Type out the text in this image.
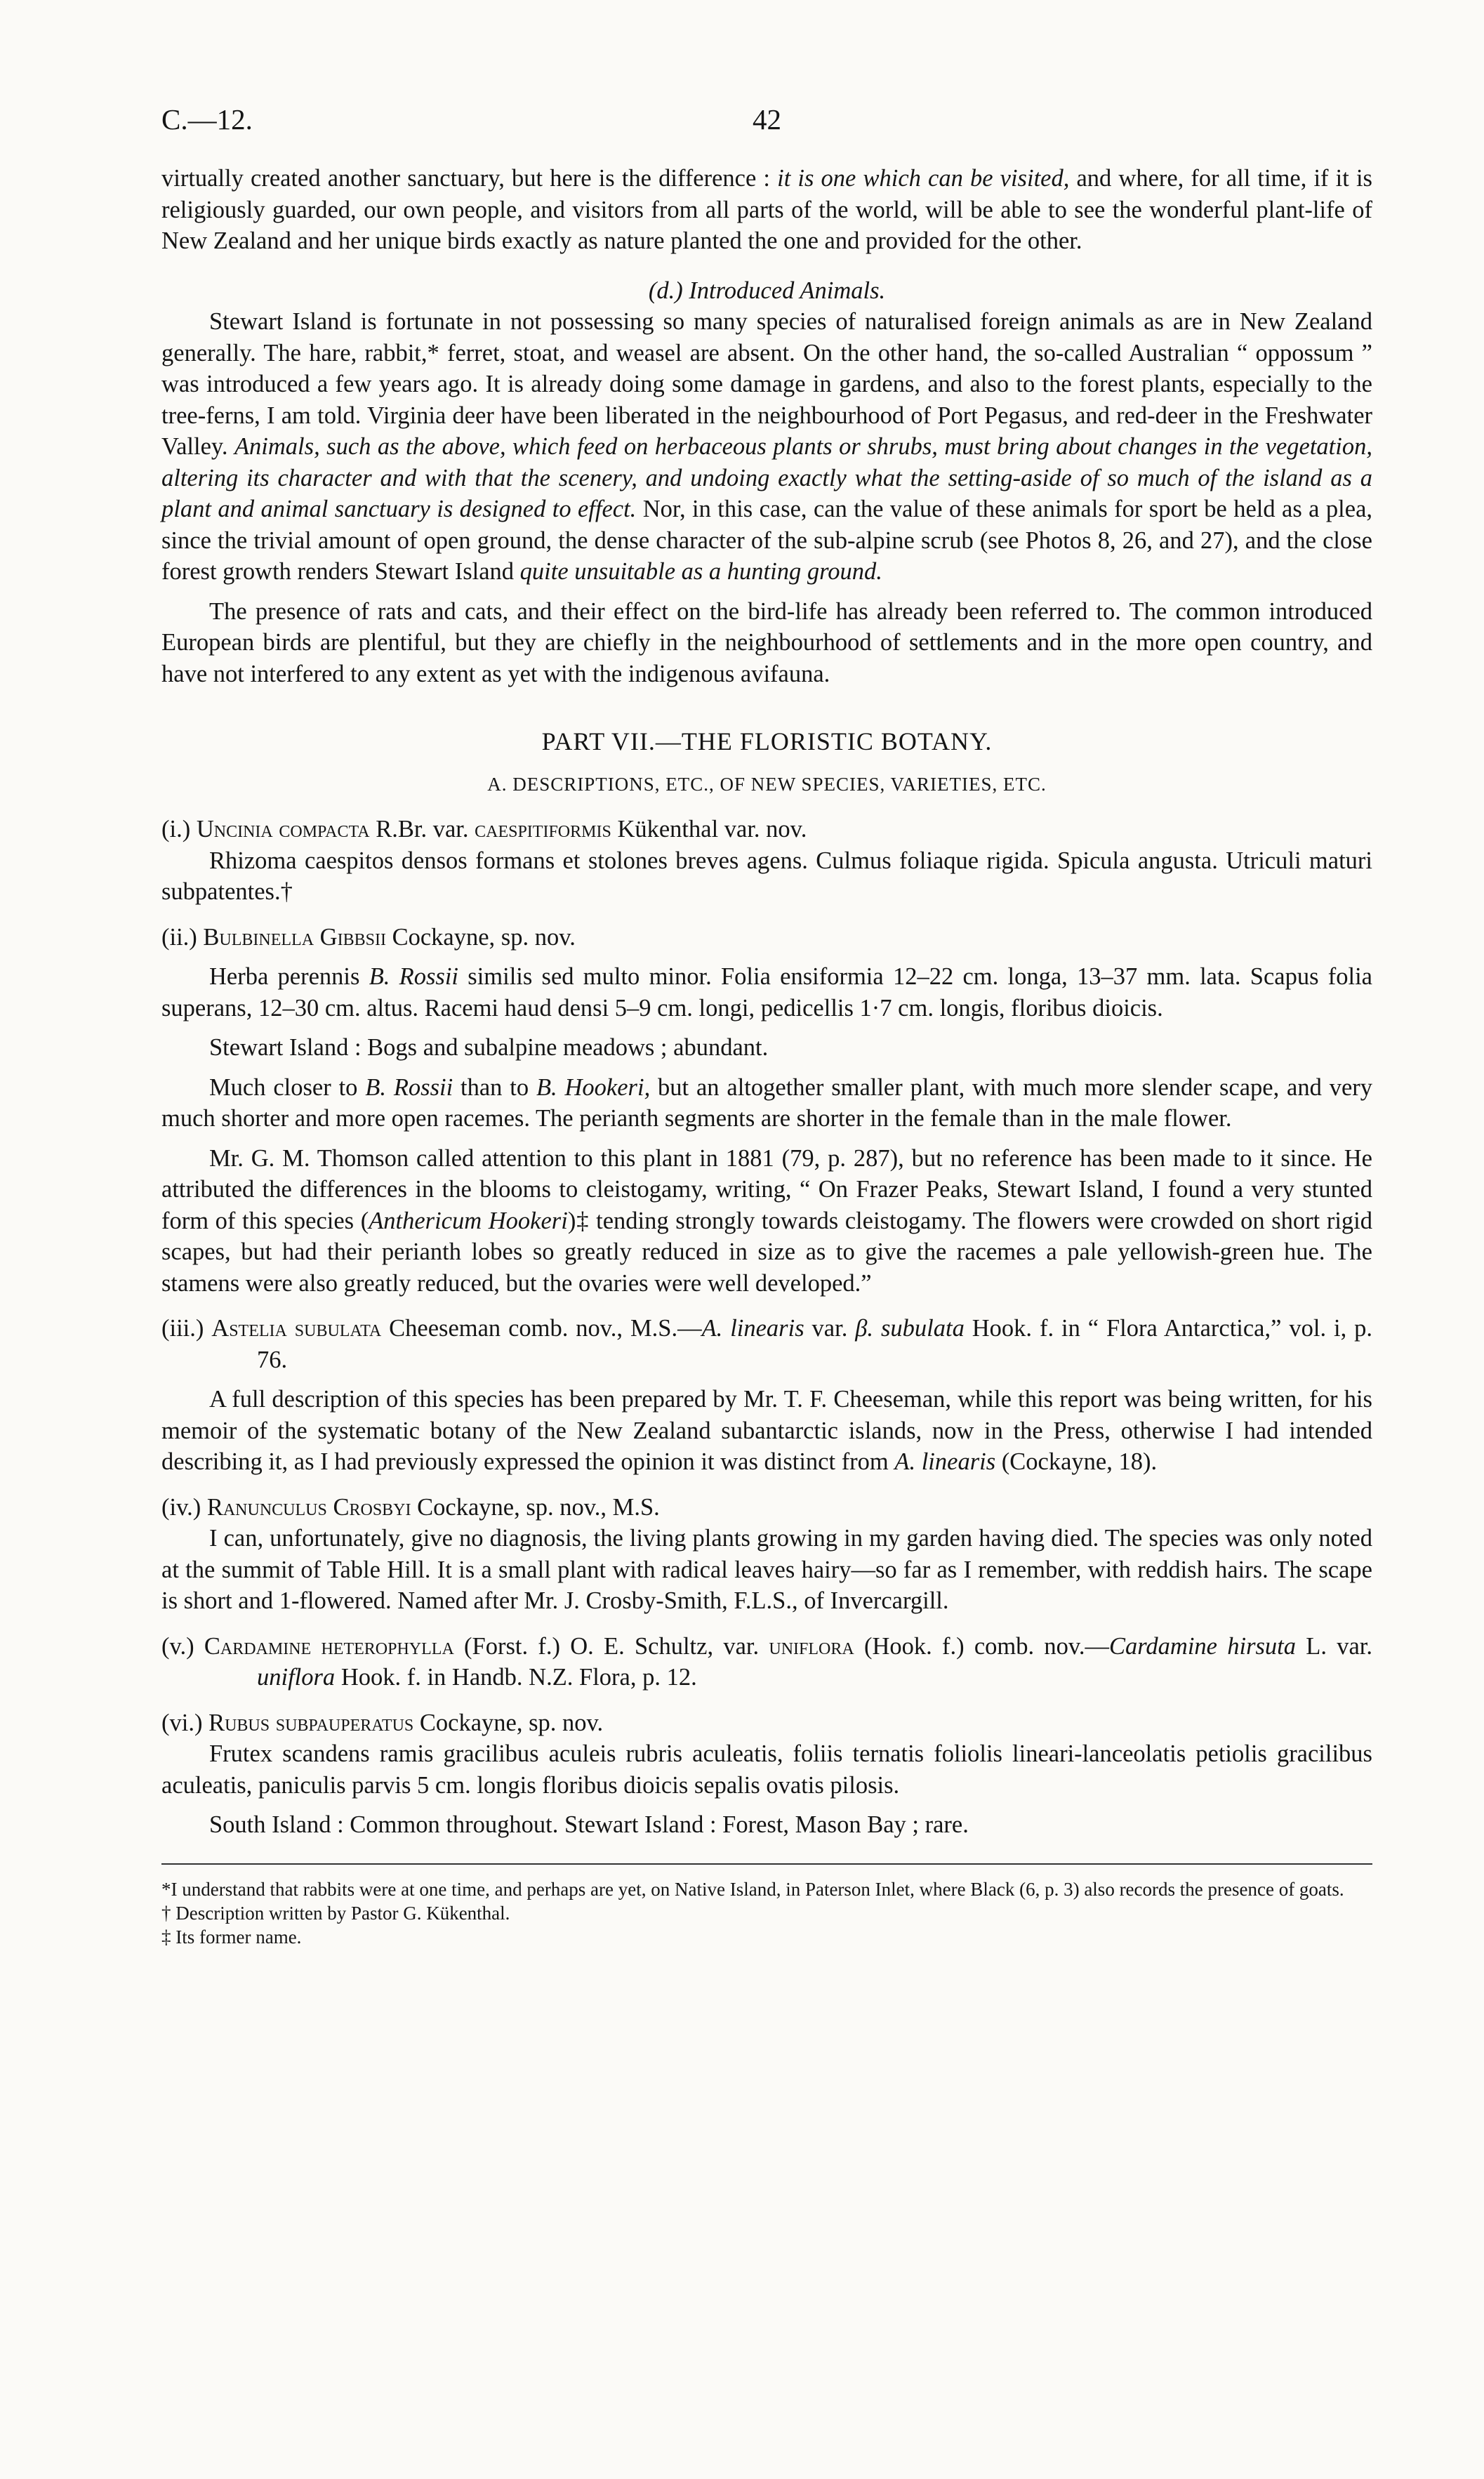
C.—12.	42

virtually created another sanctuary, but here is the difference : it is one which can be visited, and where, for all time, if it is religiously guarded, our own people, and visitors from all parts of the world, will be able to see the wonderful plant-life of New Zealand and her unique birds exactly as nature planted the one and provided for the other.

(d.) Introduced Animals.

Stewart Island is fortunate in not possessing so many species of naturalised foreign animals as are in New Zealand generally. The hare, rabbit,* ferret, stoat, and weasel are absent. On the other hand, the so-called Australian “ oppossum ” was introduced a few years ago. It is already doing some damage in gardens, and also to the forest plants, especially to the tree-ferns, I am told. Virginia deer have been liberated in the neighbourhood of Port Pegasus, and red-deer in the Freshwater Valley. Animals, such as the above, which feed on herbaceous plants or shrubs, must bring about changes in the vegetation, altering its character and with that the scenery, and undoing exactly what the setting-aside of so much of the island as a plant and animal sanctuary is designed to effect. Nor, in this case, can the value of these animals for sport be held as a plea, since the trivial amount of open ground, the dense character of the sub-alpine scrub (see Photos 8, 26, and 27), and the close forest growth renders Stewart Island quite unsuitable as a hunting ground.

The presence of rats and cats, and their effect on the bird-life has already been referred to. The common introduced European birds are plentiful, but they are chiefly in the neighbourhood of settlements and in the more open country, and have not interfered to any extent as yet with the indigenous avifauna.

PART VII.—THE FLORISTIC BOTANY.
A. DESCRIPTIONS, ETC., OF NEW SPECIES, VARIETIES, ETC.

(i.) Uncinia compacta R.Br. var. caespitiformis Kükenthal var. nov.

Rhizoma caespitos densos formans et stolones breves agens. Culmus foliaque rigida. Spicula angusta. Utriculi maturi subpatentes.†

(ii.) Bulbinella Gibbsii Cockayne, sp. nov.

Herba perennis B. Rossii similis sed multo minor. Folia ensiformia 12–22 cm. longa, 13–37 mm. lata. Scapus folia superans, 12–30 cm. altus. Racemi haud densi 5–9 cm. longi, pedicellis 1·7 cm. longis, floribus dioicis.

Stewart Island : Bogs and subalpine meadows ; abundant.

Much closer to B. Rossii than to B. Hookeri, but an altogether smaller plant, with much more slender scape, and very much shorter and more open racemes. The perianth segments are shorter in the female than in the male flower.

Mr. G. M. Thomson called attention to this plant in 1881 (79, p. 287), but no reference has been made to it since. He attributed the differences in the blooms to cleistogamy, writing, “ On Frazer Peaks, Stewart Island, I found a very stunted form of this species (Anthericum Hookeri)‡ tending strongly towards cleistogamy. The flowers were crowded on short rigid scapes, but had their perianth lobes so greatly reduced in size as to give the racemes a pale yellowish-green hue. The stamens were also greatly reduced, but the ovaries were well developed.”

(iii.) Astelia subulata Cheeseman comb. nov., M.S.—A. linearis var. β. subulata Hook. f. in “ Flora Antarctica,” vol. i, p. 76.

A full description of this species has been prepared by Mr. T. F. Cheeseman, while this report was being written, for his memoir of the systematic botany of the New Zealand subantarctic islands, now in the Press, otherwise I had intended describing it, as I had previously expressed the opinion it was distinct from A. linearis (Cockayne, 18).

(iv.) Ranunculus Crosbyi Cockayne, sp. nov., M.S.

I can, unfortunately, give no diagnosis, the living plants growing in my garden having died. The species was only noted at the summit of Table Hill. It is a small plant with radical leaves hairy—so far as I remember, with reddish hairs. The scape is short and 1-flowered. Named after Mr. J. Crosby-Smith, F.L.S., of Invercargill.

(v.) Cardamine heterophylla (Forst. f.) O. E. Schultz, var. uniflora (Hook. f.) comb. nov.—Cardamine hirsuta L. var. uniflora Hook. f. in Handb. N.Z. Flora, p. 12.

(vi.) Rubus subpauperatus Cockayne, sp. nov.

Frutex scandens ramis gracilibus aculeis rubris aculeatis, foliis ternatis foliolis lineari-lanceolatis petiolis gracilibus aculeatis, paniculis parvis 5 cm. longis floribus dioicis sepalis ovatis pilosis.

South Island : Common throughout. Stewart Island : Forest, Mason Bay ; rare.

*I understand that rabbits were at one time, and perhaps are yet, on Native Island, in Paterson Inlet, where Black (6, p. 3) also records the presence of goats.
† Description written by Pastor G. Kükenthal.
‡ Its former name.
